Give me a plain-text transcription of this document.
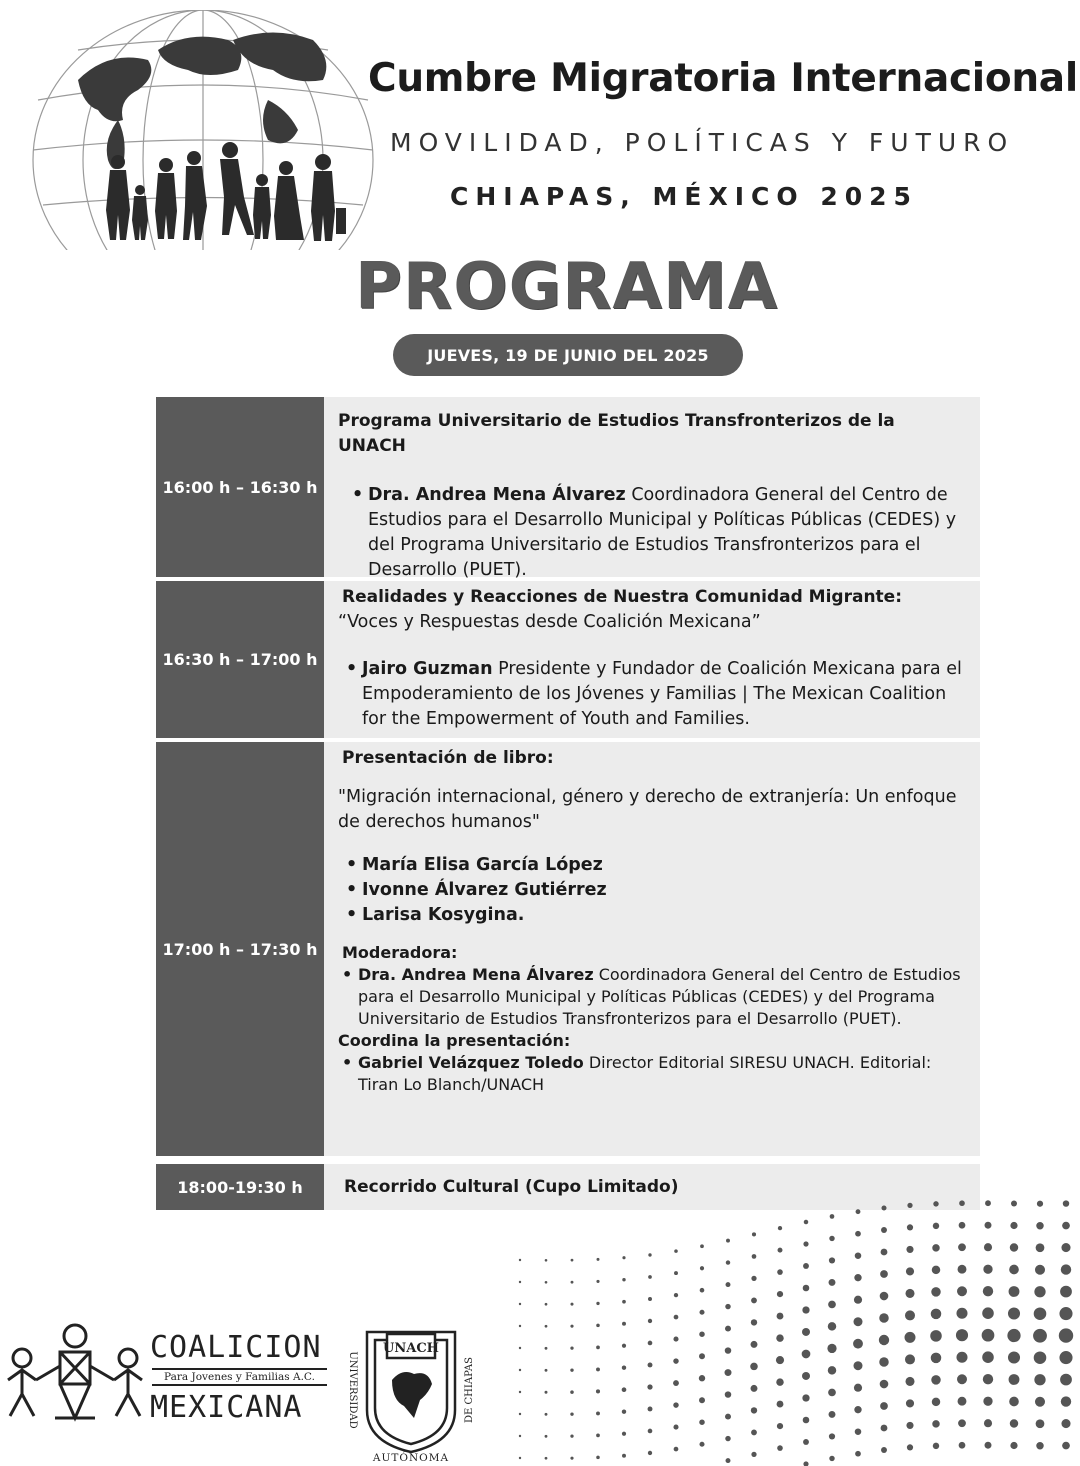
Cumbre Migratoria Internacional
MOVILIDAD, POLÍTICAS Y FUTURO
CHIAPAS, MÉXICO 2025
PROGRAMA
JUEVES, 19 DE JUNIO DEL 2025
16:00 h – 16:30 h
Programa Universitario de Estudios Transfronterizos de la UNACH
• Dra. Andrea Mena Álvarez Coordinadora General del Centro de Estudios para el Desarrollo Municipal y Políticas Públicas (CEDES) y del Programa Universitario de Estudios Transfronterizos para el Desarrollo (PUET).
16:30 h – 17:00 h
Realidades y Reacciones de Nuestra Comunidad Migrante:
“Voces y Respuestas desde Coalición Mexicana”
• Jairo Guzman Presidente y Fundador de Coalición Mexicana para el Empoderamiento de los Jóvenes y Familias | The Mexican Coalition for the Empowerment of Youth and Families.
17:00 h – 17:30 h
Presentación de libro:
"Migración internacional, género y derecho de extranjería: Un enfoque de derechos humanos"
• María Elisa García López
• Ivonne Álvarez Gutiérrez
• Larisa Kosygina.
Moderadora:
• Dra. Andrea Mena Álvarez Coordinadora General del Centro de Estudios para el Desarrollo Municipal y Políticas Públicas (CEDES) y del Programa Universitario de Estudios Transfronterizos para el Desarrollo (PUET).
Coordina la presentación:
• Gabriel Velázquez Toledo Director Editorial SIRESU UNACH. Editorial: Tiran Lo Blanch/UNACH
18:00-19:30 h	Recorrido Cultural (Cupo Limitado)
COALICION
Para Jovenes y Familias A.C.
MEXICANA
UNACH
UNIVERSIDAD	DE CHIAPAS
AUTÓNOMA
